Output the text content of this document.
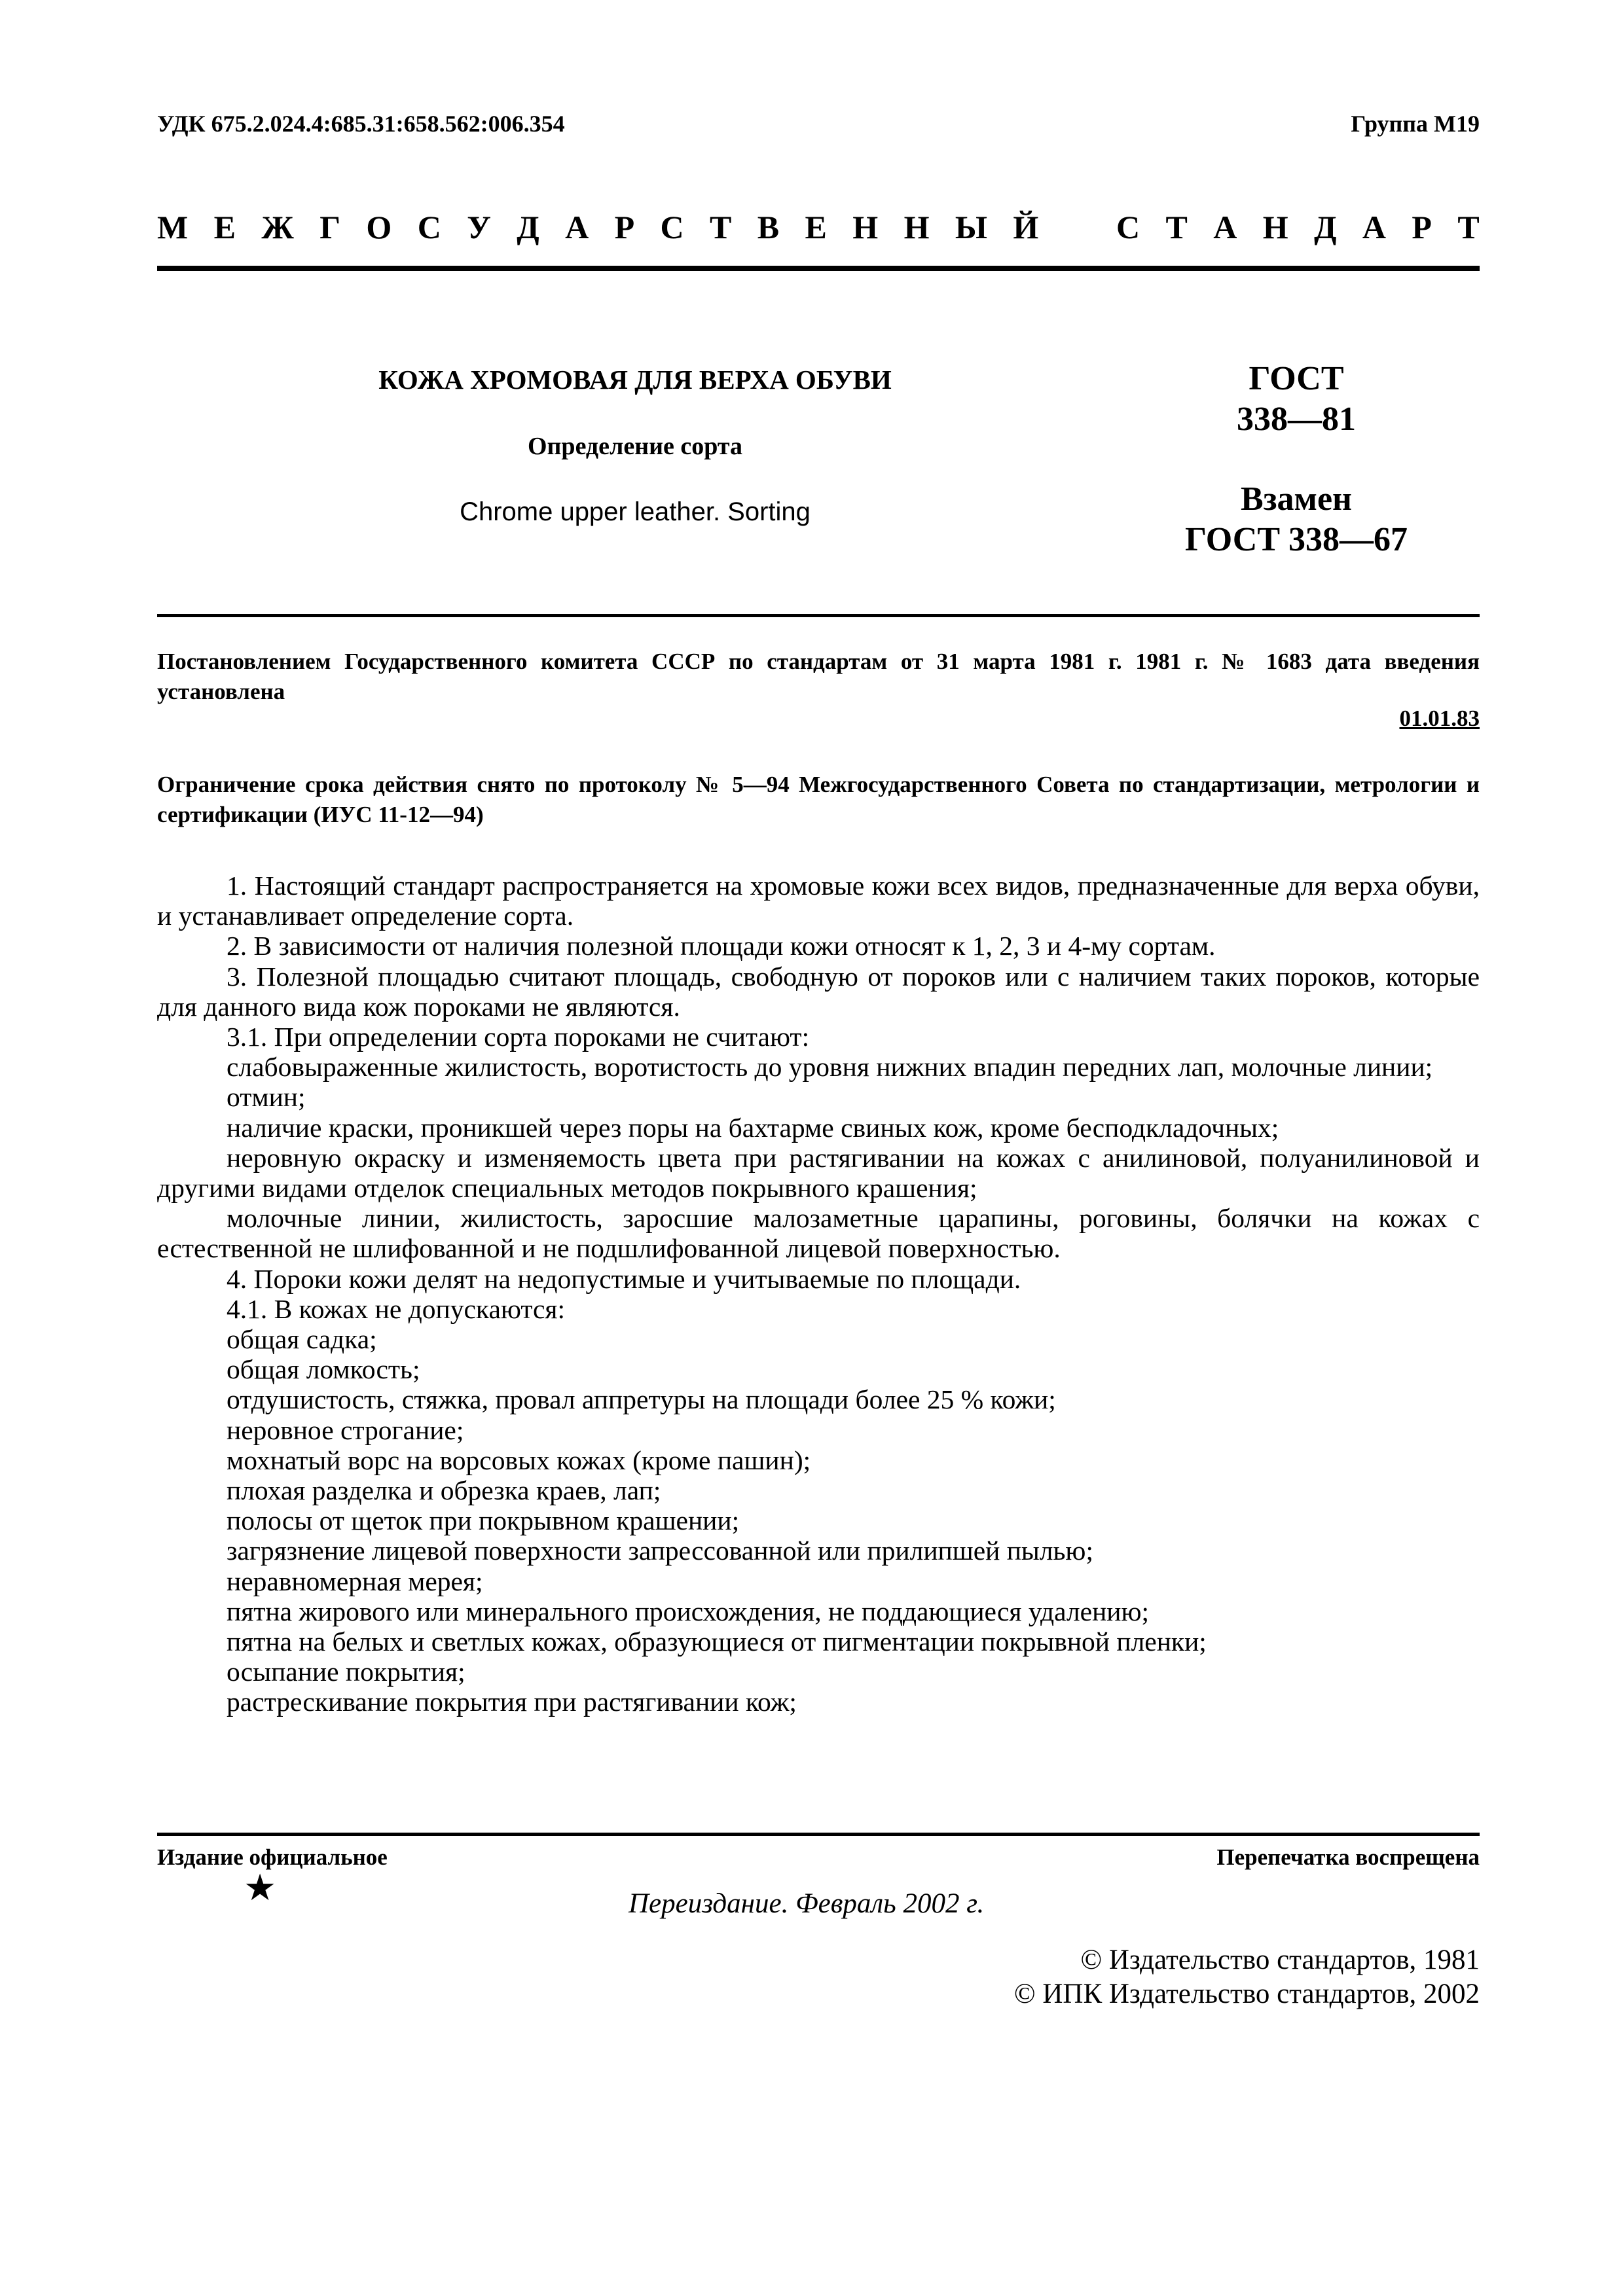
УДК 675.2.024.4:685.31:658.562:006.354	Группа М19
М Е Ж Г О С У Д А Р С Т В Е Н Н Ы Й С Т А Н Д А Р Т
КОЖА ХРОМОВАЯ ДЛЯ ВЕРХА ОБУВИ
Определение сорта
Chrome upper leather. Sorting
ГОСТ
338—81
Взамен
ГОСТ 338—67
Постановлением Государственного комитета СССР по стандартам от 31 марта 1981 г. 1981 г. № 1683 дата введения установлена
01.01.83
Ограничение срока действия снято по протоколу № 5—94 Межгосударственного Совета по стандартизации, метрологии и сертификации (ИУС 11-12—94)

1. Настоящий стандарт распространяется на хромовые кожи всех видов, предназначенные для верха обуви, и устанавливает определение сорта.

2. В зависимости от наличия полезной площади кожи относят к 1, 2, 3 и 4-му сортам.

3. Полезной площадью считают площадь, свободную от пороков или с наличием таких пороков, которые для данного вида кож пороками не являются.

3.1. При определении сорта пороками не считают:

слабовыраженные жилистость, воротистость до уровня нижних впадин передних лап, молочные линии;

отмин;

наличие краски, проникшей через поры на бахтарме свиных кож, кроме бесподкладочных;

неровную окраску и изменяемость цвета при растягивании на кожах с анилиновой, полуанилиновой и другими видами отделок специальных методов покрывного крашения;

молочные линии, жилистость, заросшие малозаметные царапины, роговины, болячки на кожах с естественной не шлифованной и не подшлифованной лицевой поверхностью.

4. Пороки кожи делят на недопустимые и учитываемые по площади.

4.1. В кожах не допускаются:

общая садка;

общая ломкость;

отдушистость, стяжка, провал аппретуры на площади более 25 % кожи;

неровное строгание;

мохнатый ворс на ворсовых кожах (кроме пашин);

плохая разделка и обрезка краев, лап;

полосы от щеток при покрывном крашении;

загрязнение лицевой поверхности запрессованной или прилипшей пылью;

неравномерная мерея;

пятна жирового или минерального происхождения, не поддающиеся удалению;

пятна на белых и светлых кожах, образующиеся от пигментации покрывной пленки;

осыпание покрытия;

растрескивание покрытия при растягивании кож;

Издание официальное	Перепечатка воспрещена
★	Переиздание. Февраль 2002 г.
© Издательство стандартов, 1981
© ИПК Издательство стандартов, 2002
